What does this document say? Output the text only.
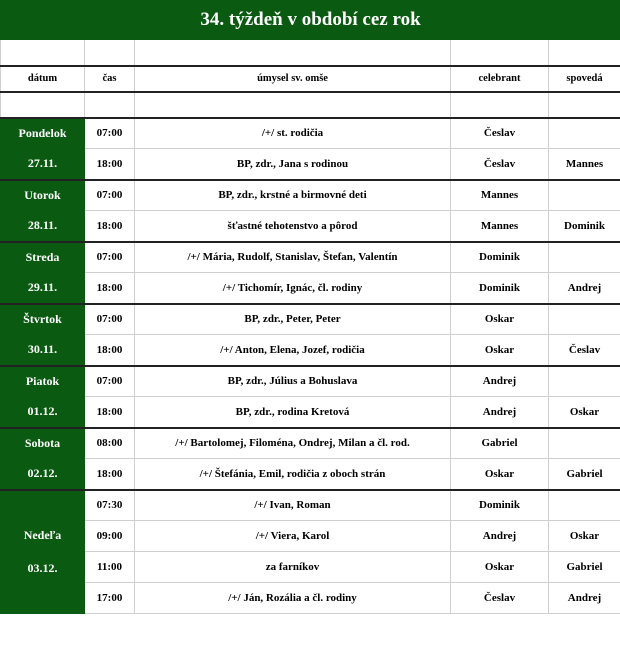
34. týždeň v období cez rok				

dátum	čas	úmysel sv. omše	celebrant	spovedá

Pondelok	07:00	/+/ st. rodičia	Česlav	
27.11.	18:00	BP, zdr., Jana s rodinou	Česlav	Mannes
Utorok	07:00	BP, zdr., krstné a birmovné deti	Mannes	
28.11.	18:00	šťastné tehotenstvo a pôrod	Mannes	Dominik
Streda	07:00	/+/ Mária, Rudolf, Stanislav, Štefan, Valentín	Dominik	
29.11.	18:00	/+/ Tichomír, Ignác, čl. rodiny	Dominik	Andrej
Štvrtok	07:00	BP, zdr., Peter, Peter	Oskar	
30.11.	18:00	/+/ Anton, Elena, Jozef, rodičia	Oskar	Česlav
Piatok	07:00	BP, zdr., Július a Bohuslava	Andrej	
01.12.	18:00	BP, zdr., rodina Kretová	Andrej	Oskar
Sobota	08:00	/+/ Bartolomej, Filoména, Ondrej, Milan a čl. rod.	Gabriel	
02.12.	18:00	/+/ Štefánia, Emil, rodičia z oboch strán	Oskar	Gabriel

Nedeľa
03.12.	07:30	/+/ Ivan, Roman	Dominik	
	09:00	/+/ Viera, Karol	Andrej	Oskar
	11:00	za farníkov	Oskar	Gabriel
	17:00	/+/ Ján, Rozália a čl. rodiny	Česlav	Andrej
